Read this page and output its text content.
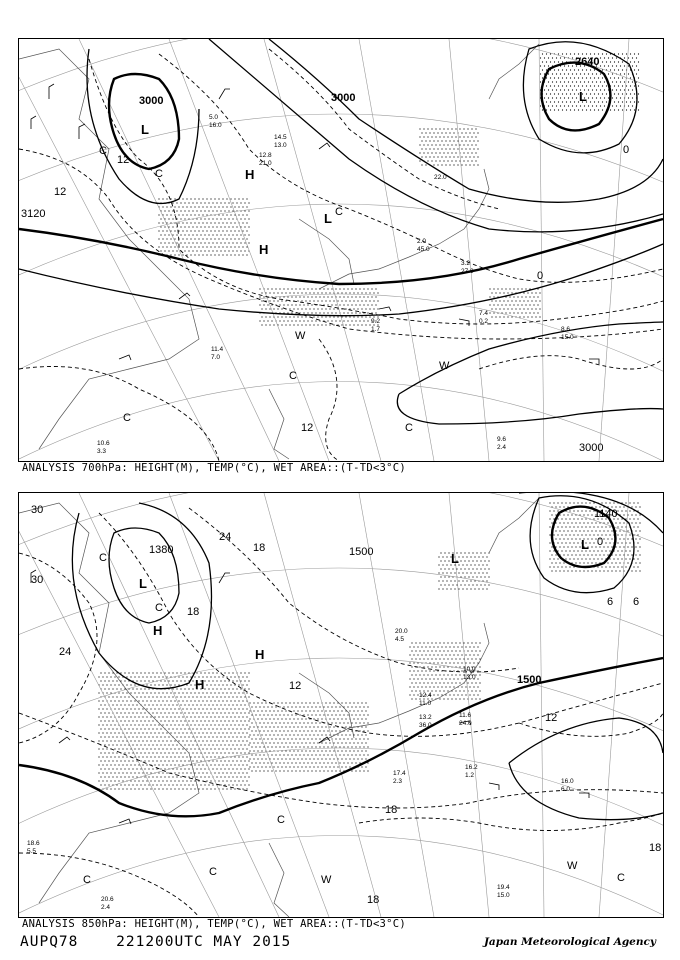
3000	3000
3120
2640
3000
12
12
0
0
12
L
L
H
L
H
C
C
W
W
C
C
C
C
5.0
16.0
14.5
13.0
22.0
7.4
0.2
8.6
15.0
9.6
2.4
11.4
7.0
9.2
1.7
10.6
3.3
2.0
45.0
3.2
27.0
12.8
21.0
ANALYSIS 700hPa: HEIGHT(M), TEMP(°C), WET AREA::(T-TD<3°C)
1380
1500
1140
1500
30
30
24
24
18
18
12
12
6
18
18
18
0
6
L
H
H
H
L
L
C
C
W
W
C
C
C
C
16.0
6.0
16.2
1.2
19.4
15.0
17.4
2.3
11.6
24.0
12.4
11.0
13.2
36.0
10.0
13.0
20.0
4.5
18.6
5.5
20.6
2.4
ANALYSIS 850hPa: HEIGHT(M), TEMP(°C), WET AREA::(T-TD<3°C)
AUPQ78	221200UTC MAY 2015	Japan Meteorological Agency
